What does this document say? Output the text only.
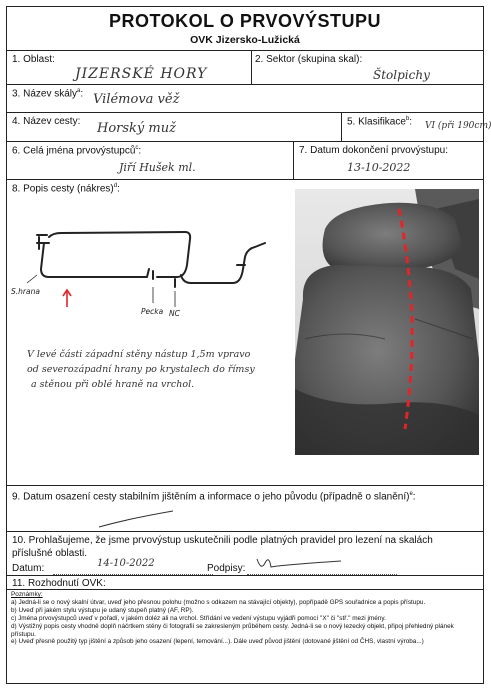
PROTOKOL O PRVOVÝSTUPU
OVK Jizersko-Lužická
1. Oblast:
JIZERSKÉ HORY
2. Sektor (skupina skal):
Štolpichy
3. Název skály$^a$: Vilémova věž
4. Název cesty: Horský muž	5. Klasifikace$^b$: VI (při 190cm)
6. Celá jména prvovýstupců$^c$:
Jiří Hušek ml.
7. Datum dokončení prvovýstupu:
13-10-2022
8. Popis cesty (nákres)$^d$:
S.hrana
Pecka NC
V levé části západní stěny nástup 1,5m vpravo
od severozápadní hrany po krystalech do římsy
a stěnou při oblé hraně na vrchol.
9. Datum osazení cesty stabilním jištěním a informace o jeho původu (případně o slanění)$^e$:
10. Prohlašujeme, že jsme prvovýstup uskutečnili podle platných pravidel pro lezení na skalách
příslušné oblasti.
Datum:	14-10-2022	Podpisy:
11. Rozhodnutí OVK:
Poznámky:
a) Jedná-li se o nový skalní útvar, uveď jeho přesnou polohu (možno s odkazem na stávající objekty), popřípadě GPS souřadnice a popis přístupu.
b) Uveď při jakém stylu výstupu je udaný stupeň platný (AF, RP).
c) Jména prvovýstupců uveď v pořadí, v jakém doléz ali na vrchol. Střídání ve vedení výstupu vyjádři pomocí "X" či "stř." mezi jmény.
d) Výstižný popis cesty vhodně doplň náčrtkem stěny či fotografií se zakresleným průběhem cesty. Jedná-li se o nový lezecký objekt, připoj přehledný plánek přístupu.
e) Uveď přesně použitý typ jištění a způsob jeho osazení (lepení, temování...). Dále uveď původ jištění (dotované jištění od ČHS, vlastní výroba...)
